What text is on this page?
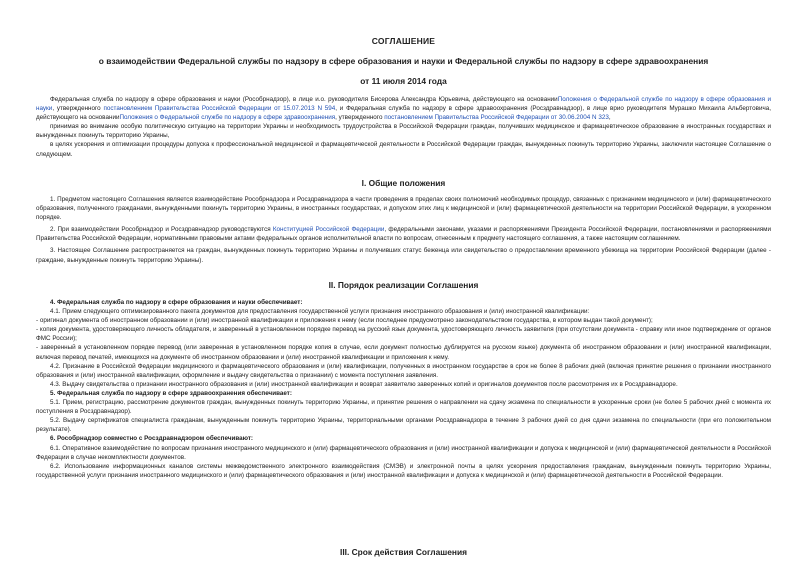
СОГЛАШЕНИЕ
о взаимодействии Федеральной службы по надзору в сфере образования и науки и Федеральной службы по надзору в сфере здравоохранения
от 11 июля 2014 года

Федеральная служба по надзору в сфере образования и науки (Рособрнадзор), в лице и.о. руководителя Бисерова Александра Юрьевича, действующего на основанииПоложения о Федеральной службе по надзору в сфере образования и науки, утвержденного постановлением Правительства Российской Федерации от 15.07.2013 N 594, и Федеральная служба по надзору в сфере здравоохранения (Росздравнадзор), в лице врио руководителя Мурашко Михаила Альбертовича, действующего на основанииПоложения о Федеральной службе по надзору в сфере здравоохранения, утвержденного постановлением Правительства Российской Федерации от 30.06.2004 N 323,

принимая во внимание особую политическую ситуацию на территории Украины и необходимость трудоустройства в Российской Федерации граждан, получивших медицинское и фармацевтическое образование в иностранных государствах и вынужденных покинуть территорию Украины,

в целях ускорения и оптимизации процедуры допуска к профессиональной медицинской и фармацевтической деятельности в Российской Федерации граждан, вынужденных покинуть территорию Украины, заключили настоящее Соглашение о следующем.

I. Общие положения

1. Предметом настоящего Соглашения является взаимодействие Рособрнадзора и Росздравнадзора в части проведения в пределах своих полномочий необходимых процедур, связанных с признанием медицинского и (или) фармацевтического образования, полученного гражданами, вынужденными покинуть территорию Украины, в иностранных государствах, и допуском этих лиц к медицинской и (или) фармацевтической деятельности на территории Российской Федерации, в ускоренном порядке.

2. При взаимодействии Рособрнадзор и Росздравнадзор руководствуются Конституцией Российской Федерации, федеральными законами, указами и распоряжениями Президента Российской Федерации, постановлениями и распоряжениями Правительства Российской Федерации, нормативными правовыми актами федеральных органов исполнительной власти по вопросам, отнесенным к предмету настоящего соглашения, а также настоящим соглашением.

3. Настоящее Соглашение распространяется на граждан, вынужденных покинуть территорию Украины и получивших статус беженца или свидетельство о предоставлении временного убежища на территории Российской Федерации (далее - граждане, вынужденные покинуть территорию Украины).

II. Порядок реализации Соглашения

4. Федеральная служба по надзору в сфере образования и науки обеспечивает:

4.1. Прием следующего оптимизированного пакета документов для предоставления государственной услуги признания иностранного образования и (или) иностранной квалификации:

- оригинал документа об иностранном образовании и (или) иностранной квалификации и приложения к нему (если последнее предусмотрено законодательством государства, в котором выдан такой документ);

- копия документа, удостоверяющего личность обладателя, и заверенный в установленном порядке перевод на русский язык документа, удостоверяющего личность заявителя (при отсутствии документа - справку или иное подтверждение от органов ФМС России);

- заверенный в установленном порядке перевод (или заверенная в установленном порядке копия в случае, если документ полностью дублируется на русском языке) документа об иностранном образовании и (или) иностранной квалификации, включая перевод печатей, имеющихся на документе об иностранном образовании и (или) иностранной квалификации и приложения к нему.

4.2. Признание в Российской Федерации медицинского и фармацевтического образования и (или) квалификации, полученных в иностранном государстве в срок не более 8 рабочих дней (включая принятие решения о признании иностранного образования и (или) иностранной квалификации, оформление и выдачу свидетельства о признании) с момента поступления заявления.

4.3. Выдачу свидетельства о признании иностранного образования и (или) иностранной квалификации и возврат заявителю заверенных копий и оригиналов документов после рассмотрения их в Росздравнадзоре.

5. Федеральная служба по надзору в сфере здравоохранения обеспечивает:

5.1. Прием, регистрацию, рассмотрение документов граждан, вынужденных покинуть территорию Украины, и принятие решения о направлении на сдачу экзамена по специальности в ускоренные сроки (не более 5 рабочих дней с момента их поступления в Росздравнадзор).

5.2. Выдачу сертификатов специалиста гражданам, вынужденным покинуть территорию Украины, территориальными органами Росздравнадзора в течение 3 рабочих дней со дня сдачи экзамена по специальности (при его положительном результате).

6. Рособрнадзор совместно с Росздравнадзором обеспечивают:

6.1. Оперативное взаимодействие по вопросам признания иностранного медицинского и (или) фармацевтического образования и (или) иностранной квалификации и допуска к медицинской и (или) фармацевтической деятельности в Российской Федерации в случае некомплектности документов.

6.2. Использование информационных каналов системы межведомственного электронного взаимодействия (СМЭВ) и электронной почты в целях ускорения предоставления гражданам, вынужденным покинуть территорию Украины, государственной услуги признания иностранного медицинского и (или) фармацевтического образования и (или) иностранной квалификации и допуска к медицинской и (или) фармацевтической деятельности в Российской Федерации.

III. Срок действия Соглашения
